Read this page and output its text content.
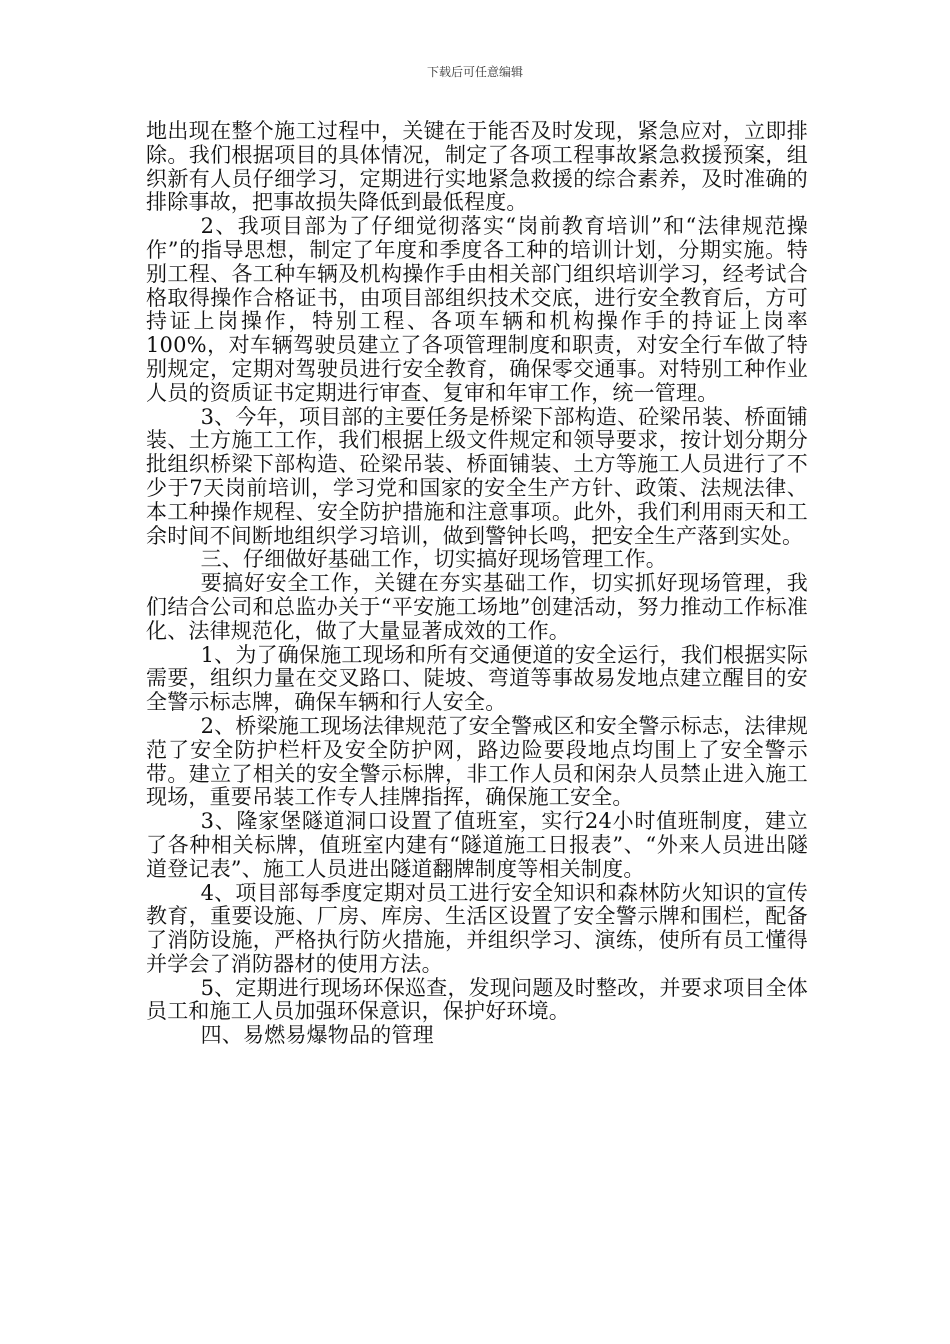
下载后可任意编辑

地出现在整个施工过程中，关键在于能否及时发现，紧急应对，立即排除。我们根据项目的具体情况，制定了各项工程事故紧急救援预案，组织新有人员仔细学习，定期进行实地紧急救援的综合素养，及时准确的排除事故，把事故损失降低到最低程度。

2、我项目部为了仔细觉彻落实“岗前教育培训”和“法律规范操作”的指导思想，制定了年度和季度各工种的培训计划，分期实施。特别工程、各工种车辆及机构操作手由相关部门组织培训学习，经考试合格取得操作合格证书，由项目部组织技术交底，进行安全教育后，方可持证上岗操作，特别工程、各项车辆和机构操作手的持证上岗率100%，对车辆驾驶员建立了各项管理制度和职责，对安全行车做了特别规定，定期对驾驶员进行安全教育，确保零交通事。对特别工种作业人员的资质证书定期进行审查、复审和年审工作，统一管理。

3、今年，项目部的主要任务是桥梁下部构造、砼梁吊装、桥面铺装、土方施工工作，我们根据上级文件规定和领导要求，按计划分期分批组织桥梁下部构造、砼梁吊装、桥面铺装、土方等施工人员进行了不少于7天岗前培训，学习党和国家的安全生产方针、政策、法规法律、本工种操作规程、安全防护措施和注意事项。此外，我们利用雨天和工余时间不间断地组织学习培训，做到警钟长鸣，把安全生产落到实处。

三、仔细做好基础工作，切实搞好现场管理工作。

要搞好安全工作，关键在夯实基础工作，切实抓好现场管理，我们结合公司和总监办关于“平安施工场地”创建活动，努力推动工作标准化、法律规范化，做了大量显著成效的工作。

1、为了确保施工现场和所有交通便道的安全运行，我们根据实际需要，组织力量在交叉路口、陡坡、弯道等事故易发地点建立醒目的安全警示标志牌，确保车辆和行人安全。

2、桥梁施工现场法律规范了安全警戒区和安全警示标志，法律规范了安全防护栏杆及安全防护网，路边险要段地点均围上了安全警示带。建立了相关的安全警示标牌，非工作人员和闲杂人员禁止进入施工现场，重要吊装工作专人挂牌指挥，确保施工安全。

3、隆家堡隧道洞口设置了值班室，实行24小时值班制度，建立了各种相关标牌，值班室内建有“隧道施工日报表”、“外来人员进出隧道登记表”、施工人员进出隧道翻牌制度等相关制度。

4、项目部每季度定期对员工进行安全知识和森林防火知识的宣传教育，重要设施、厂房、库房、生活区设置了安全警示牌和围栏，配备了消防设施，严格执行防火措施，并组织学习、演练，使所有员工懂得并学会了消防器材的使用方法。

5、定期进行现场环保巡查，发现问题及时整改，并要求项目全体员工和施工人员加强环保意识，保护好环境。

四、易燃易爆物品的管理
